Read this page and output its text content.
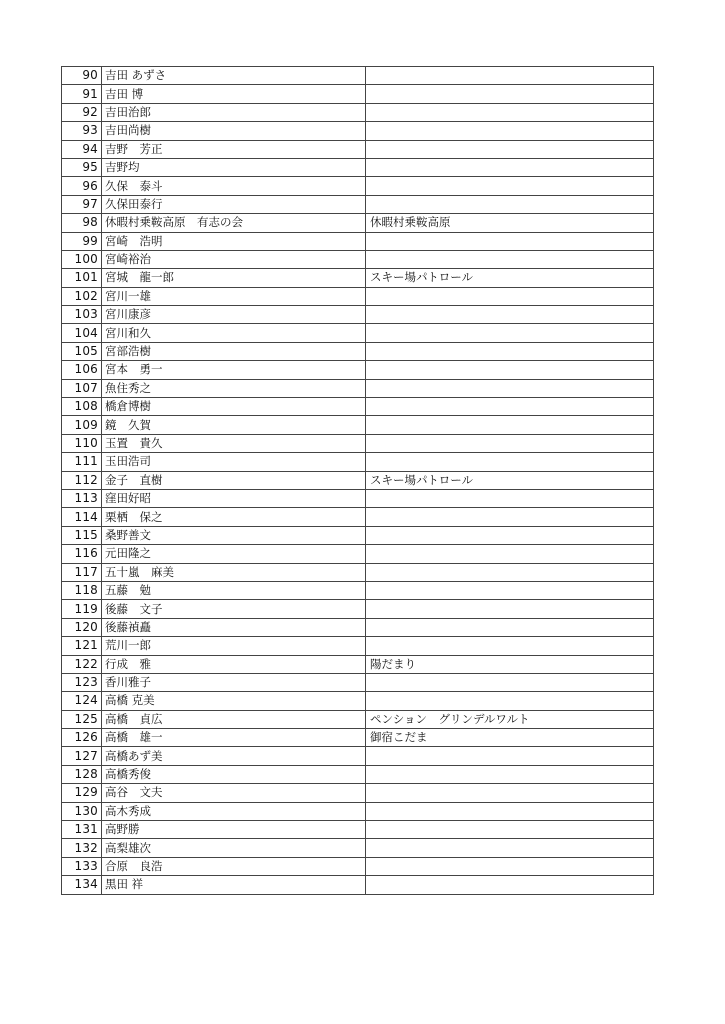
90	吉田 あずさ	
91	吉田 博	
92	吉田治郎	
93	吉田尚樹	
94	吉野　芳正	
95	吉野均	
96	久保　泰斗	
97	久保田泰行	
98	休暇村乗鞍高原　有志の会	休暇村乗鞍高原
99	宮崎　浩明	
100	宮崎裕治	
101	宮城　龍一郎	スキー場パトロール
102	宮川一雄	
103	宮川康彦	
104	宮川和久	
105	宮部浩樹	
106	宮本　勇一	
107	魚住秀之	
108	橋倉博樹	
109	鏡　久賀	
110	玉置　貴久	
111	玉田浩司	
112	金子　直樹	スキー場パトロール
113	窪田好昭	
114	栗栖　保之	
115	桑野善文	
116	元田隆之	
117	五十嵐　麻美	
118	五藤　勉	
119	後藤　文子	
120	後藤禎矗	
121	荒川一郎	
122	行成　雅	陽だまり
123	香川雅子	
124	高橋 克美	
125	高橋　貞広	ペンション　グリンデルワルト
126	高橋　雄一	御宿こだま
127	高橋あず美	
128	高橋秀俊	
129	高谷　文夫	
130	高木秀成	
131	高野勝	
132	高梨雄次	
133	合原　良浩	
134	黒田 祥	
